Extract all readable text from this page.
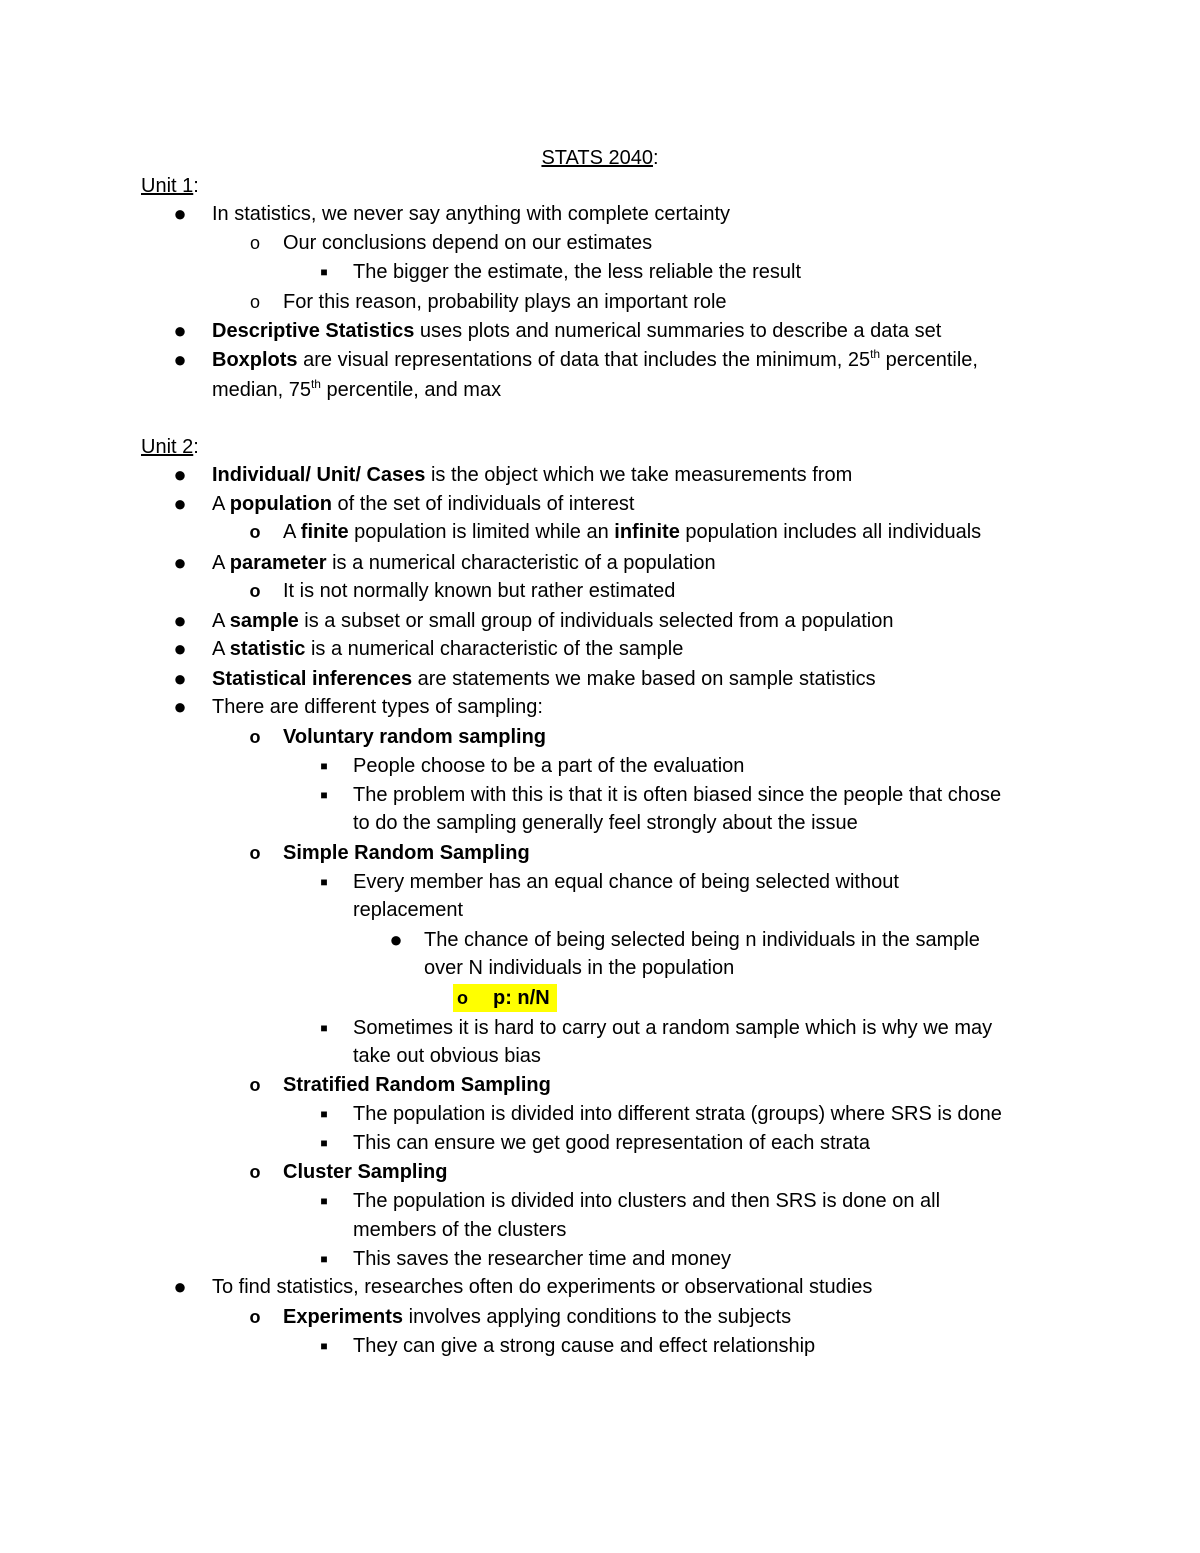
STATS 2040:
Unit 1:
● In statistics, we never say anything with complete certainty
o Our conclusions depend on our estimates
■	The bigger the estimate, the less reliable the result
o For this reason, probability plays an important role
● Descriptive Statistics uses plots and numerical summaries to describe a data set
● Boxplots are visual representations of data that includes the minimum, 25th percentile,
median, 75th percentile, and max
Unit 2:
● Individual/ Unit/ Cases is the object which we take measurements from
● A population of the set of individuals of interest
o A finite population is limited while an infinite population includes all individuals
● A parameter is a numerical characteristic of a population
o It is not normally known but rather estimated
● A sample is a subset or small group of individuals selected from a population
● A statistic is a numerical characteristic of the sample
● Statistical inferences are statements we make based on sample statistics
● There are different types of sampling:
o Voluntary random sampling
■	People choose to be a part of the evaluation
■	The problem with this is that it is often biased since the people that chose
to do the sampling generally feel strongly about the issue
o Simple Random Sampling
■	Every member has an equal chance of being selected without
replacement
● The chance of being selected being n individuals in the sample
over N individuals in the population
o p: n/N
■	Sometimes it is hard to carry out a random sample which is why we may
take out obvious bias
o Stratified Random Sampling
■	The population is divided into different strata (groups) where SRS is done
■	This can ensure we get good representation of each strata
o Cluster Sampling
■	The population is divided into clusters and then SRS is done on all
members of the clusters
■	This saves the researcher time and money
● To find statistics, researches often do experiments or observational studies
o Experiments involves applying conditions to the subjects
■	They can give a strong cause and effect relationship
